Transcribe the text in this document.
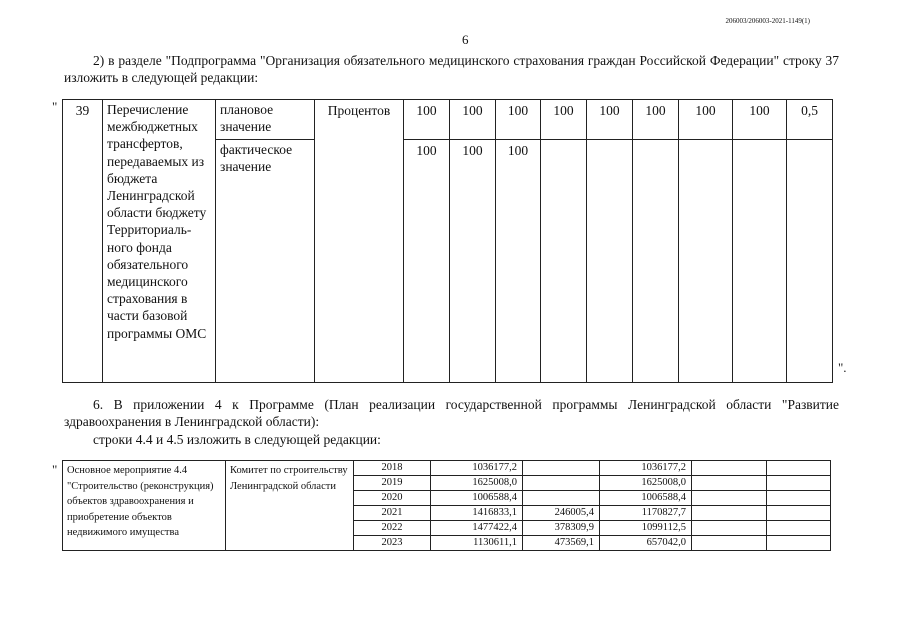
206003/206003-2021-1149(1)
6
2) в разделе "Подпрограмма "Организация обязательного медицинского страхования граждан Российской Федерации" строку 37 изложить в следующей редакции:
" 39	Перечисление межбюджетных трансфертов, передаваемых из бюджета Ленинградской области бюджету Территориаль-ного фонда обязательного медицинского страхования в части базовой программы ОМС	плановое значение	Процентов	100	100	100	100	100	100	100	100	0,5
		фактическое значение		100	100	100						
".
6. В приложении 4 к Программе (План реализации государственной программы Ленинградской области "Развитие здравоохранения в Ленинградской области):
строки 4.4 и 4.5 изложить в следующей редакции:
" Основное мероприятие 4.4 "Строительство (реконструкция) объектов здравоохранения и приобретение объектов недвижимого имущества	Комитет по строительству Ленинградской области	2018	1036177,2		1036177,2		
		2019	1625008,0		1625008,0		
		2020	1006588,4		1006588,4		
		2021	1416833,1	246005,4	1170827,7		
		2022	1477422,4	378309,9	1099112,5		
		2023	1130611,1	473569,1	657042,0		
